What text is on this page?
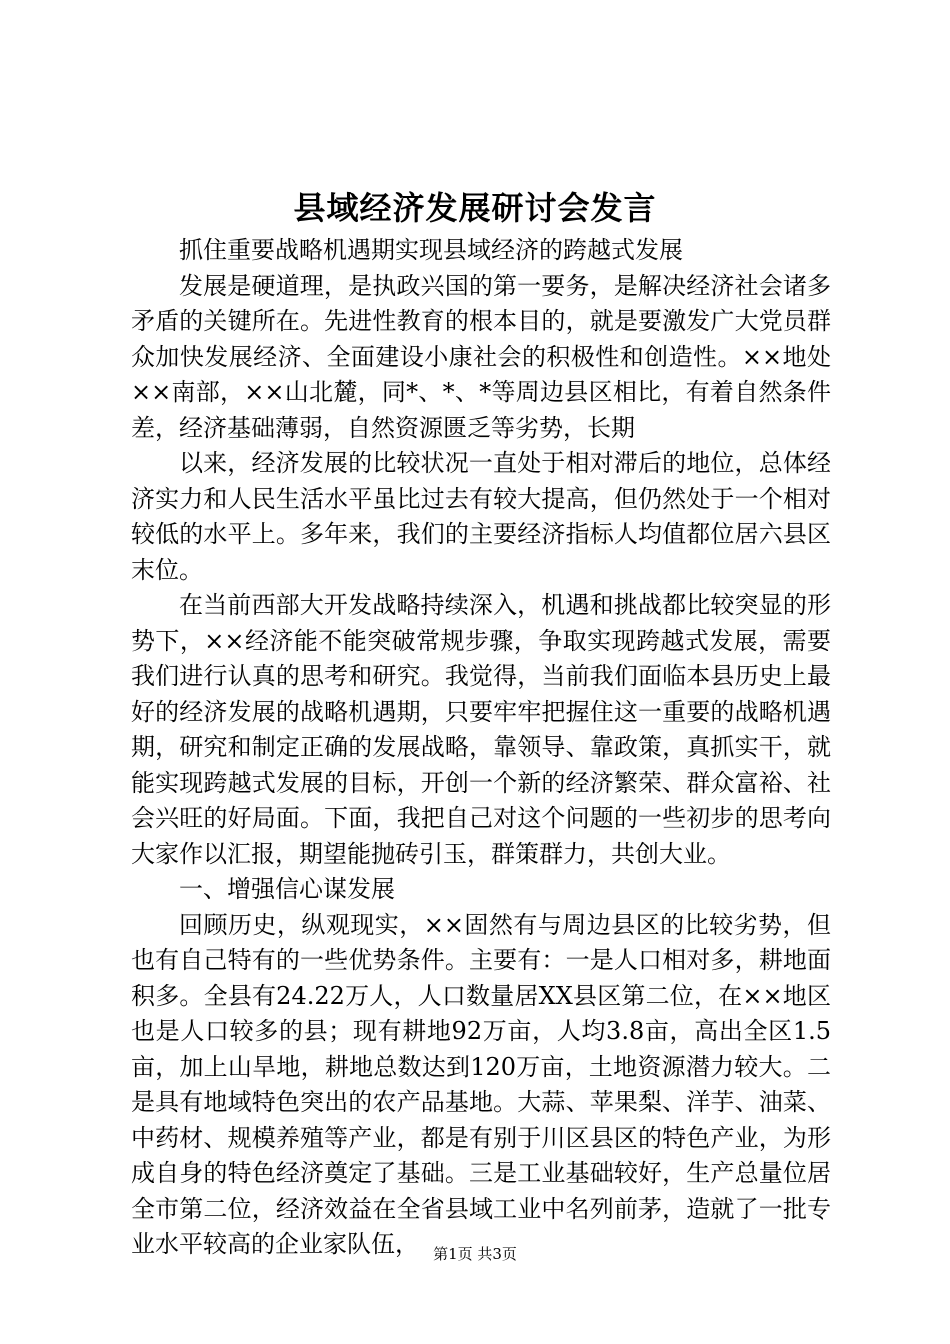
县域经济发展研讨会发言

抓住重要战略机遇期实现县域经济的跨越式发展

发展是硬道理，是执政兴国的第一要务，是解决经济社会诸多矛盾的关键所在。先进性教育的根本目的，就是要激发广大党员群众加快发展经济、全面建设小康社会的积极性和创造性。××地处××南部，××山北麓，同*、*、*等周边县区相比，有着自然条件差，经济基础薄弱，自然资源匮乏等劣势，长期

以来，经济发展的比较状况一直处于相对滞后的地位，总体经济实力和人民生活水平虽比过去有较大提高，但仍然处于一个相对较低的水平上。多年来，我们的主要经济指标人均值都位居六县区末位。

在当前西部大开发战略持续深入，机遇和挑战都比较突显的形势下，××经济能不能突破常规步骤，争取实现跨越式发展，需要我们进行认真的思考和研究。我觉得，当前我们面临本县历史上最好的经济发展的战略机遇期，只要牢牢把握住这一重要的战略机遇期，研究和制定正确的发展战略，靠领导、靠政策，真抓实干，就能实现跨越式发展的目标，开创一个新的经济繁荣、群众富裕、社会兴旺的好局面。下面，我把自己对这个问题的一些初步的思考向大家作以汇报，期望能抛砖引玉，群策群力，共创大业。

一、增强信心谋发展

回顾历史，纵观现实，××固然有与周边县区的比较劣势，但也有自己特有的一些优势条件。主要有：一是人口相对多，耕地面积多。全县有24.22万人，人口数量居XX县区第二位，在××地区也是人口较多的县；现有耕地92万亩，人均3.8亩，高出全区1.5亩，加上山旱地，耕地总数达到120万亩，土地资源潜力较大。二是具有地域特色突出的农产品基地。大蒜、苹果梨、洋芋、油菜、中药材、规模养殖等产业，都是有别于川区县区的特色产业，为形成自身的特色经济奠定了基础。三是工业基础较好，生产总量位居全市第二位，经济效益在全省县域工业中名列前茅，造就了一批专业水平较高的企业家队伍， 第1页 共3页
